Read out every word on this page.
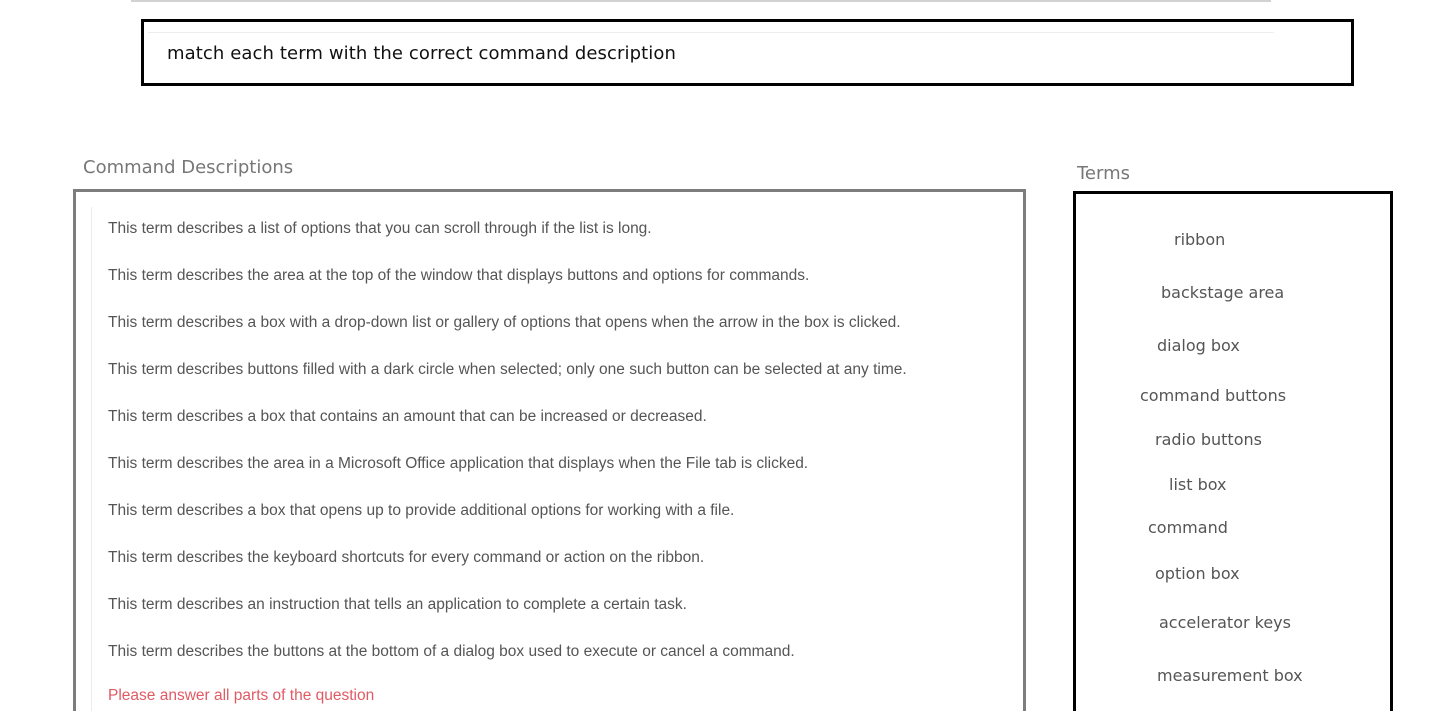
match each term with the correct command description
Command Descriptions	Terms
This term describes a list of options that you can scroll through if the list is long.
This term describes the area at the top of the window that displays buttons and options for commands.
This term describes a box with a drop-down list or gallery of options that opens when the arrow in the box is clicked.
This term describes buttons filled with a dark circle when selected; only one such button can be selected at any time.
This term describes a box that contains an amount that can be increased or decreased.
This term describes the area in a Microsoft Office application that displays when the File tab is clicked.
This term describes a box that opens up to provide additional options for working with a file.
This term describes the keyboard shortcuts for every command or action on the ribbon.
This term describes an instruction that tells an application to complete a certain task.
This term describes the buttons at the bottom of a dialog box used to execute or cancel a command.
Please answer all parts of the question
ribbon
backstage area
dialog box
command buttons
radio buttons
list box
command
option box
accelerator keys
measurement box
